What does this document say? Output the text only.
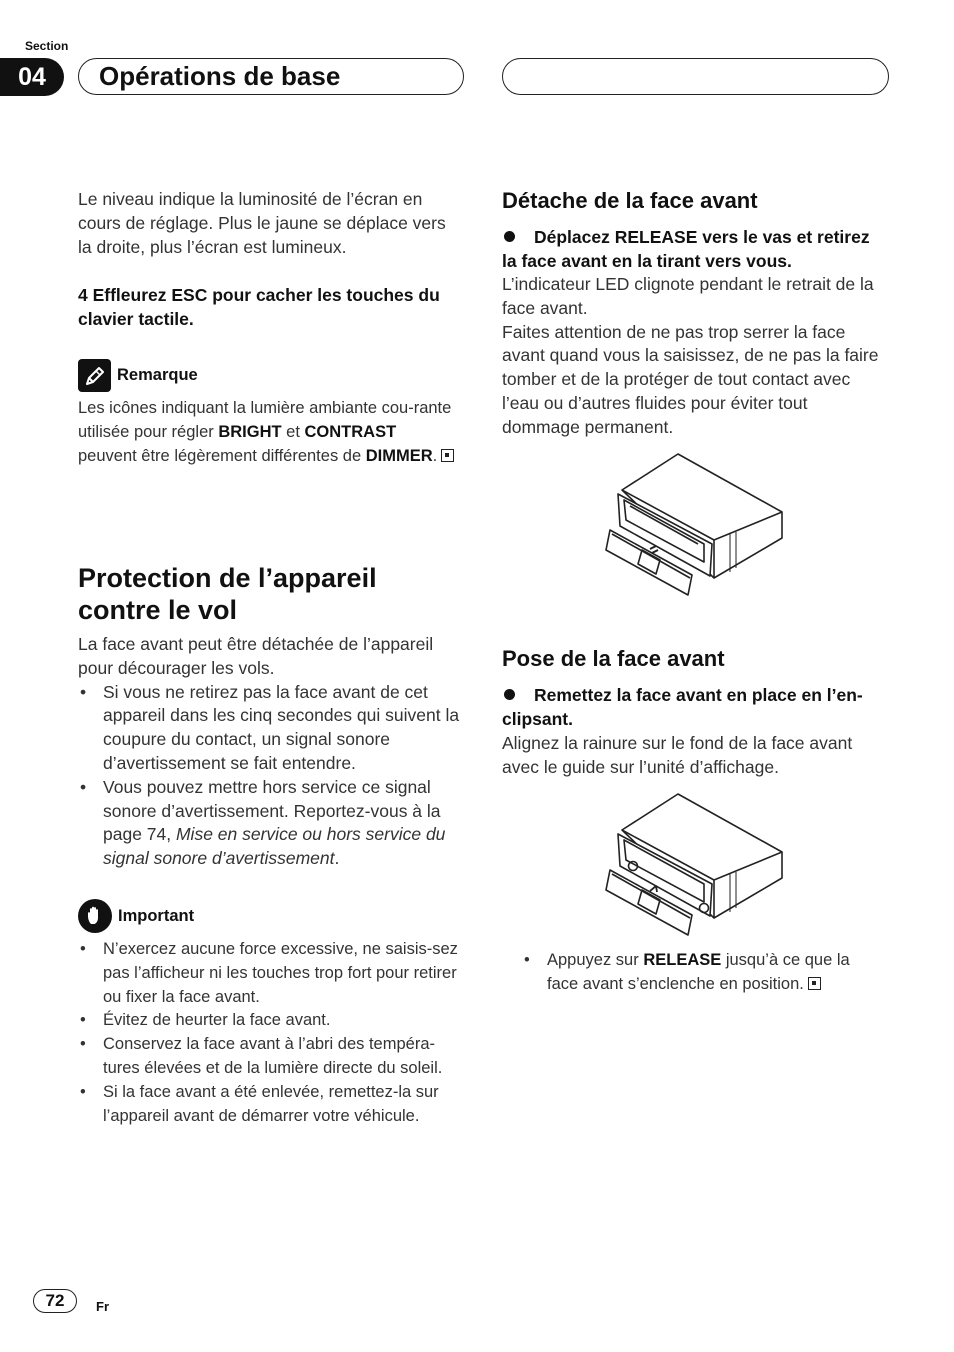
Section
04	Opérations de base

Le niveau indique la luminosité de l’écran en cours de réglage. Plus le jaune se déplace vers la droite, plus l’écran est lumineux.

4 Effleurez ESC pour cacher les touches du clavier tactile.
Remarque
Les icônes indiquant la lumière ambiante cou-rante utilisée pour régler BRIGHT et CONTRAST peuvent être légèrement différentes de DIMMER.
Protection de l’appareil contre le vol

La face avant peut être détachée de l’appareil pour décourager les vols.

• Si vous ne retirez pas la face avant de cet appareil dans les cinq secondes qui suivent la coupure du contact, un signal sonore d’avertissement se fait entendre.
• Vous pouvez mettre hors service ce signal sonore d’avertissement. Reportez-vous à la page 74, Mise en service ou hors service du signal sonore d’avertissement.
Important
• N’exercez aucune force excessive, ne saisis-sez pas l’afficheur ni les touches trop fort pour retirer ou fixer la face avant.
• Évitez de heurter la face avant.
• Conservez la face avant à l’abri des tempéra-tures élevées et de la lumière directe du soleil.
• Si la face avant a été enlevée, remettez-la sur l’appareil avant de démarrer votre véhicule.
Détache de la face avant
Déplacez RELEASE vers le vas et retirez la face avant en la tirant vers vous.

L’indicateur LED clignote pendant le retrait de la face avant.

Faites attention de ne pas trop serrer la face avant quand vous la saisissez, de ne pas la faire tomber et de la protéger de tout contact avec l’eau ou d’autres fluides pour éviter tout dommage permanent.

Pose de la face avant
Remettez la face avant en place en l’en-clipsant.

Alignez la rainure sur le fond de la face avant avec le guide sur l’unité d’affichage.

• Appuyez sur RELEASE jusqu’à ce que la face avant s’enclenche en position.
72	Fr
